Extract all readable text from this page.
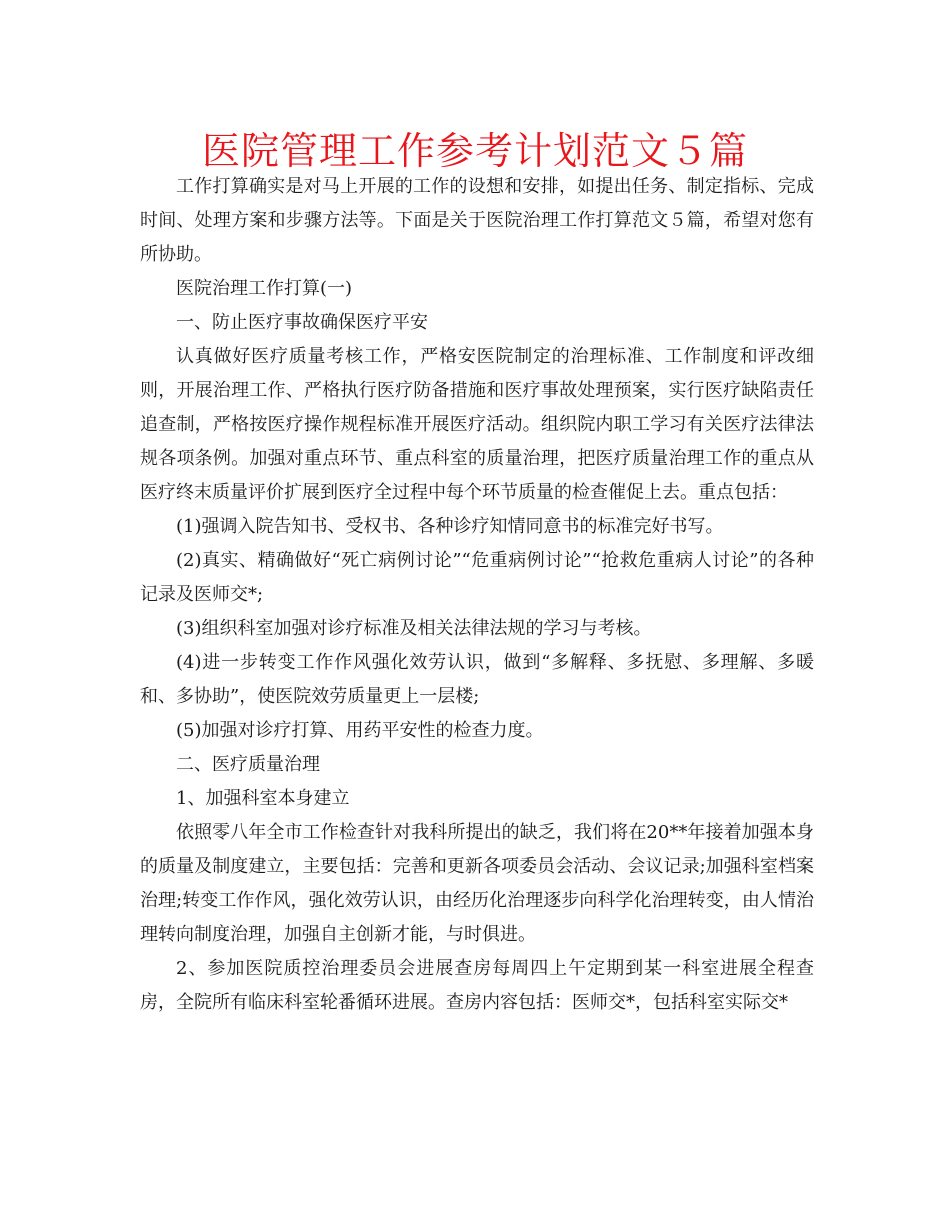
医院管理工作参考计划范文５篇

工作打算确实是对马上开展的工作的设想和安排，如提出任务、制定指标、完成时间、处理方案和步骤方法等。下面是关于医院治理工作打算范文５篇，希望对您有所协助。

医院治理工作打算(一)

一、防止医疗事故确保医疗平安

认真做好医疗质量考核工作，严格安医院制定的治理标准、工作制度和评改细则，开展治理工作、严格执行医疗防备措施和医疗事故处理预案，实行医疗缺陷责任追查制，严格按医疗操作规程标准开展医疗活动。组织院内职工学习有关医疗法律法规各项条例。加强对重点环节、重点科室的质量治理，把医疗质量治理工作的重点从医疗终末质量评价扩展到医疗全过程中每个环节质量的检查催促上去。重点包括：

(1)强调入院告知书、受权书、各种诊疗知情同意书的标准完好书写。

(2)真实、精确做好“死亡病例讨论”“危重病例讨论”“抢救危重病人讨论”的各种记录及医师交*;

(3)组织科室加强对诊疗标准及相关法律法规的学习与考核。

(4)进一步转变工作作风强化效劳认识，做到“多解释、多抚慰、多理解、多暖和、多协助”，使医院效劳质量更上一层楼;

(5)加强对诊疗打算、用药平安性的检查力度。

二、医疗质量治理

1、加强科室本身建立

依照零八年全市工作检查针对我科所提出的缺乏，我们将在20**年接着加强本身的质量及制度建立，主要包括：完善和更新各项委员会活动、会议记录;加强科室档案治理;转变工作作风，强化效劳认识，由经历化治理逐步向科学化治理转变，由人情治理转向制度治理，加强自主创新才能，与时俱进。

2、参加医院质控治理委员会进展查房每周四上午定期到某一科室进展全程查房，全院所有临床科室轮番循环进展。查房内容包括：医师交*，包括科室实际交*
